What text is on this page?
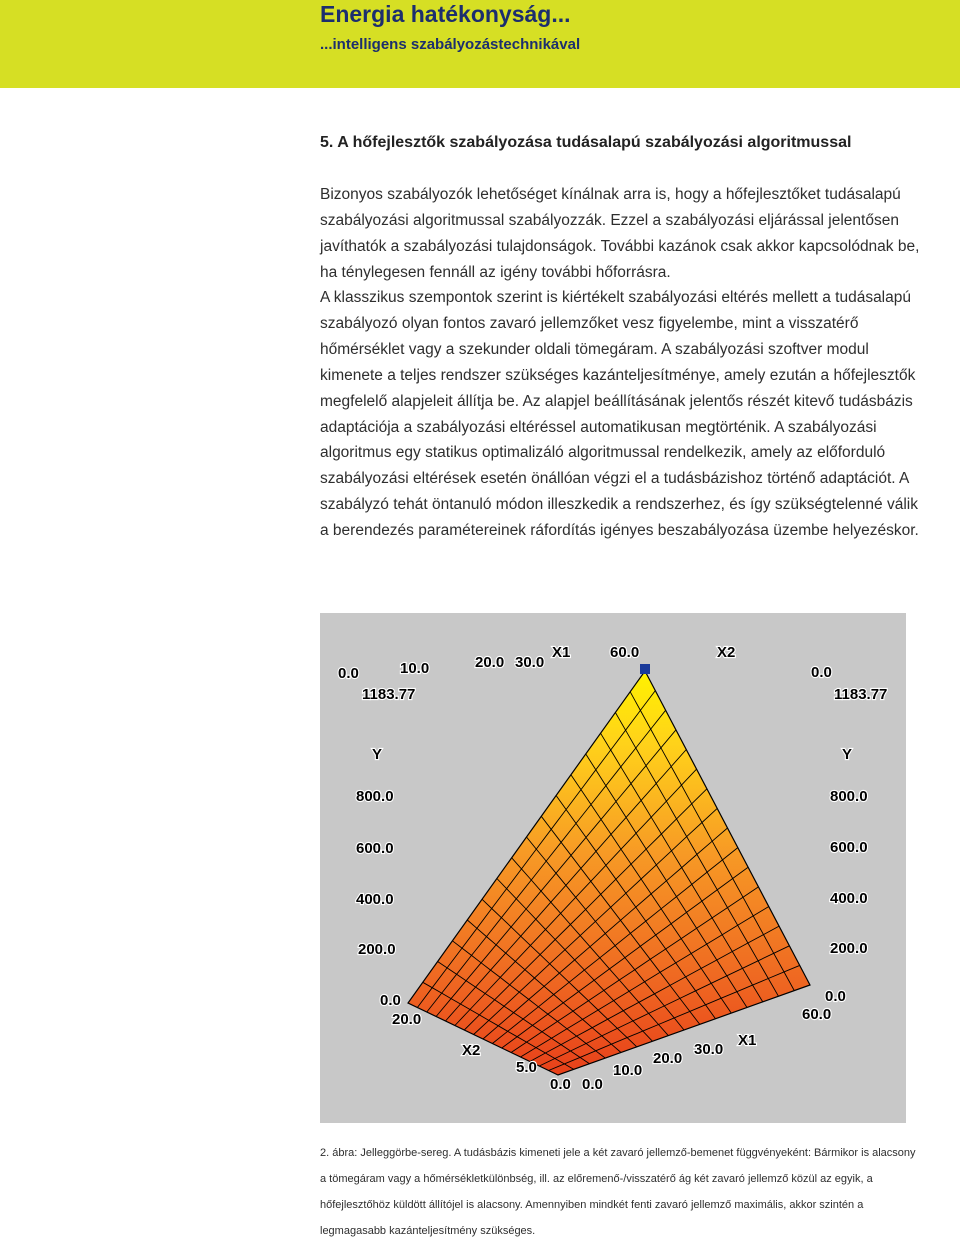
Energia hatékonyság...
...intelligens szabályozástechnikával
5. A hőfejlesztők szabályozása tudásalapú szabályozási algoritmussal

Bizonyos szabályozók lehetőséget kínálnak arra is, hogy a hőfejlesztőket tudásalapú szabályozási algoritmussal szabályozzák. Ezzel a szabályozási eljárással jelentősen javíthatók a szabályozási tulajdonságok. További kazánok csak akkor kapcsolódnak be, ha ténylegesen fennáll az igény további hőforrásra.

A klasszikus szempontok szerint is kiértékelt szabályozási eltérés mellett a tudásalapú szabályozó olyan fontos zavaró jellemzőket vesz figyelembe, mint a visszatérő hőmérséklet vagy a szekunder oldali tömegáram. A szabályozási szoftver modul kimenete a teljes rendszer szükséges kazánteljesítménye, amely ezután a hőfejlesztők megfelelő alapjeleit állítja be. Az alapjel beállításának jelentős részét kitevő tudásbázis adaptációja a szabályozási eltéréssel automatikusan megtörténik. A szabályozási algoritmus egy statikus optimalizáló algoritmussal rendelkezik, amely az előforduló szabályozási eltérések esetén önállóan végzi el a tudásbázishoz történő adaptációt. A szabályzó tehát öntanuló módon illeszkedik a rendszerhez, és így szükségtelenné válik a berendezés paramétereinek ráfordítás igényes beszabályozása üzembe helyezéskor.

0.0	10.0	20.0 30.0
X1	60.0	X2
0.0
1183.77
Y
800.0
600.0
400.0
200.0
0.0
1183.77
Y
800.0
600.0
400.0
200.0
0.0
20.0
X2
5.0
0.0 0.0
10.0
20.0
30.0
X1
60.0
2. ábra: Jelleggörbe-sereg. A tudásbázis kimeneti jele a két zavaró jellemző-bemenet függvényeként: Bármikor is alacsony a tömegáram vagy a hőmérsékletkülönbség, ill. az előremenő-/visszatérő ág két zavaró jellemző közül az egyik, a hőfejlesztőhöz küldött állítójel is alacsony. Amennyiben mindkét fenti zavaró jellemző maximális, akkor szintén a legmagasabb kazánteljesítmény szükséges.
